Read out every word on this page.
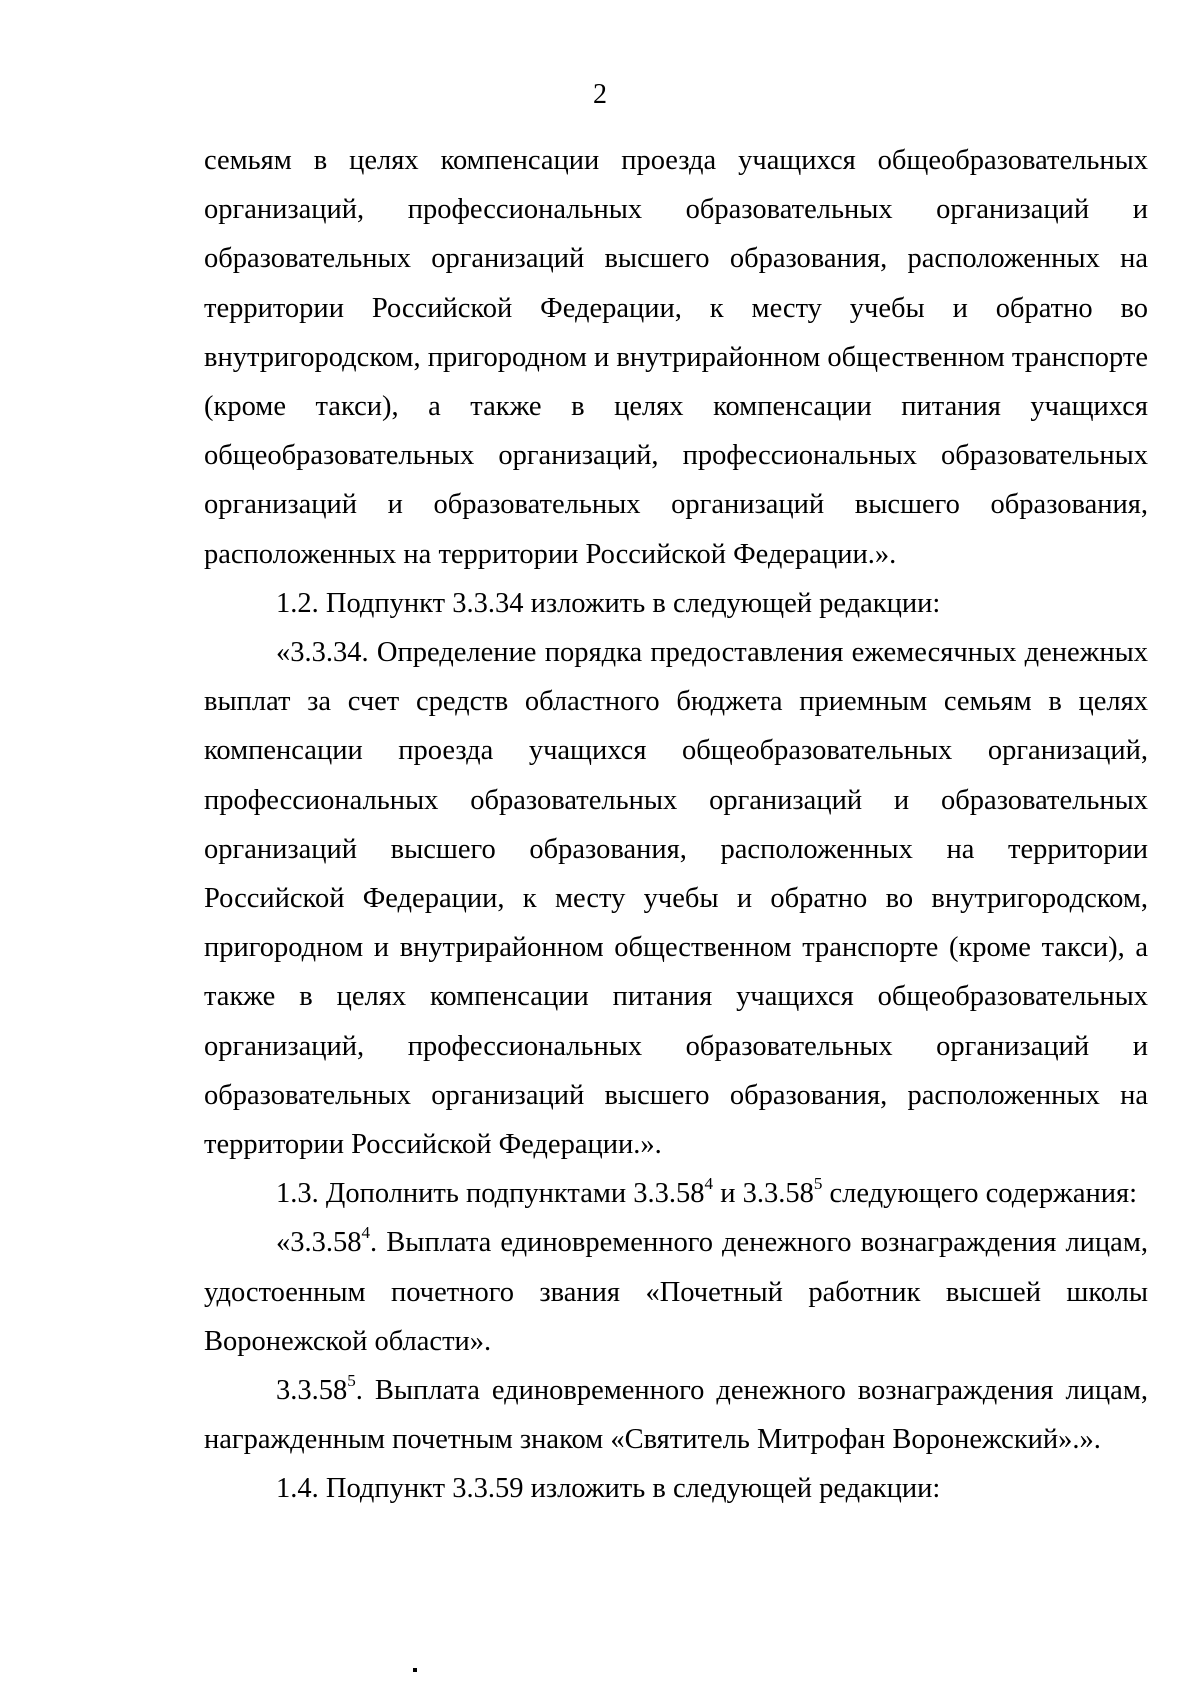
2

семьям в целях компенсации проезда учащихся общеобразовательных организаций, профессиональных образовательных организаций и образовательных организаций высшего образования, расположенных на территории Российской Федерации, к месту учебы и обратно во внутригородском, пригородном и внутрирайонном общественном транспорте (кроме такси), а также в целях компенсации питания учащихся общеобразовательных организаций, профессиональных образовательных организаций и образовательных организаций высшего образования, расположенных на территории Российской Федерации.».

1.2. Подпункт 3.3.34 изложить в следующей редакции:

«3.3.34. Определение порядка предоставления ежемесячных денежных выплат за счет средств областного бюджета приемным семьям в целях компенсации проезда учащихся общеобразовательных организаций, профессиональных образовательных организаций и образовательных организаций высшего образования, расположенных на территории Российской Федерации, к месту учебы и обратно во внутригородском, пригородном и внутрирайонном общественном транспорте (кроме такси), а также в целях компенсации питания учащихся общеобразовательных организаций, профессиональных образовательных организаций и образовательных организаций высшего образования, расположенных на территории Российской Федерации.».

1.3. Дополнить подпунктами 3.3.58$^4$ и 3.3.58$^5$ следующего содержания:

«3.3.58$^4$. Выплата единовременного денежного вознаграждения лицам, удостоенным почетного звания «Почетный работник высшей школы Воронежской области».

3.3.58$^5$. Выплата единовременного денежного вознаграждения лицам, награжденным почетным знаком «Святитель Митрофан Воронежский».».

1.4. Подпункт 3.3.59 изложить в следующей редакции:
